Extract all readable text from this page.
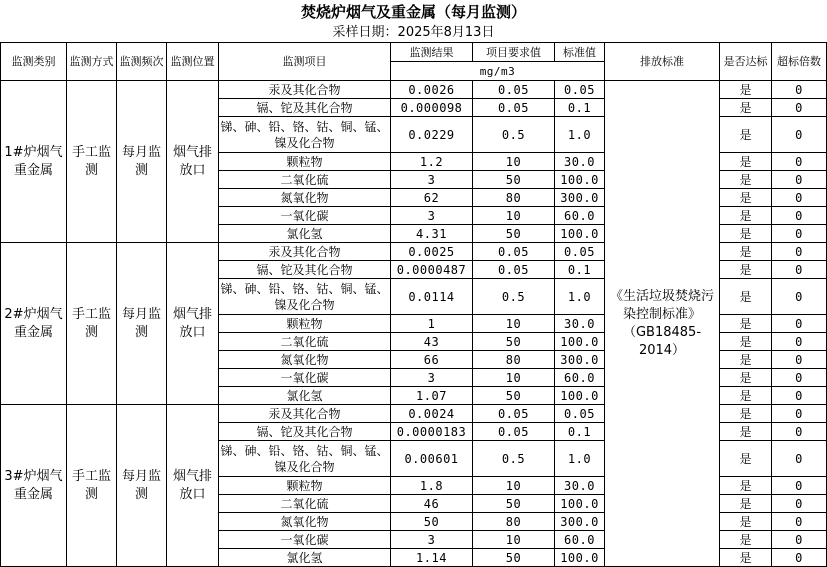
焚烧炉烟气及重金属（每月监测）
采样日期：2025年8月13日
监测类别	监测方式	监测频次	监测位置	监测项目	监测结果	项目要求值	标准值	排放标准	是否达标	超标倍数
					mg/m3					
1#炉烟气重金属	手工监测	每月监测	烟气排放口	汞及其化合物	0.0026	0.05	0.05	《生活垃圾焚烧污染控制标准》（GB18485-2014）	是	0
				镉、铊及其化合物	0.000098	0.05	0.1		是	0
				锑、砷、铅、铬、钴、铜、锰、镍及化合物	0.0229	0.5	1.0		是	0
				颗粒物	1.2	10	30.0		是	0
				二氧化硫	3	50	100.0		是	0
				氮氧化物	62	80	300.0		是	0
				一氧化碳	3	10	60.0		是	0
				氯化氢	4.31	50	100.0		是	0
2#炉烟气重金属	手工监测	每月监测	烟气排放口	汞及其化合物	0.0025	0.05	0.05		是	0
				镉、铊及其化合物	0.0000487	0.05	0.1		是	0
				锑、砷、铅、铬、钴、铜、锰、镍及化合物	0.0114	0.5	1.0		是	0
				颗粒物	1	10	30.0		是	0
				二氧化硫	43	50	100.0		是	0
				氮氧化物	66	80	300.0		是	0
				一氧化碳	3	10	60.0		是	0
				氯化氢	1.07	50	100.0		是	0
3#炉烟气重金属	手工监测	每月监测	烟气排放口	汞及其化合物	0.0024	0.05	0.05		是	0
				镉、铊及其化合物	0.0000183	0.05	0.1		是	0
				锑、砷、铅、铬、钴、铜、锰、镍及化合物	0.00601	0.5	1.0		是	0
				颗粒物	1.8	10	30.0		是	0
				二氧化硫	46	50	100.0		是	0
				氮氧化物	50	80	300.0		是	0
				一氧化碳	3	10	60.0		是	0
				氯化氢	1.14	50	100.0		是	0
